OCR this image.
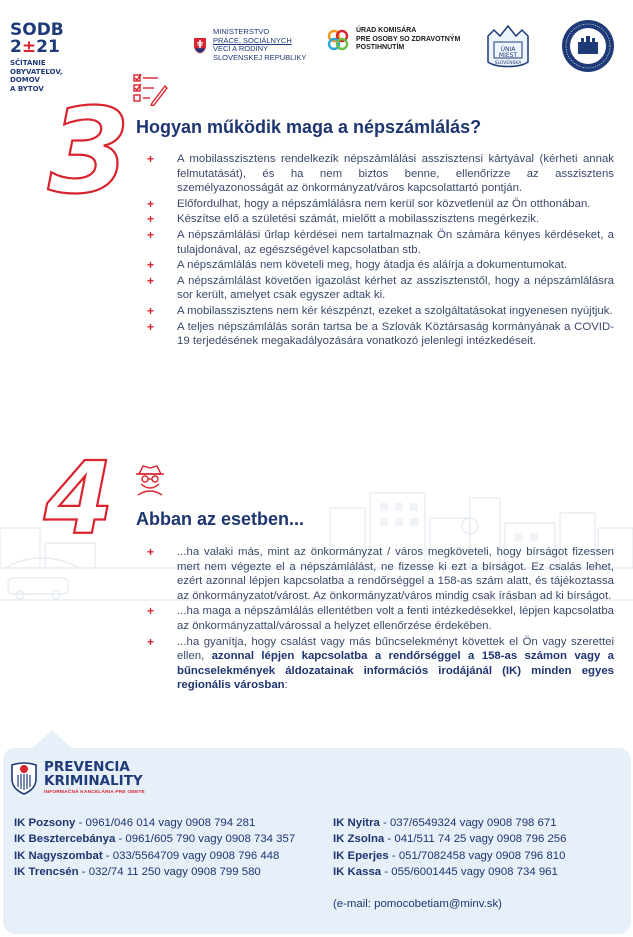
SODB
2±21
SČÍTANIE
OBYVATEĽOV,
DOMOV
A BYTOV
MINISTERSTVO
PRÁCE, SOCIÁLNYCH
VECÍ A RODINY
SLOVENSKEJ REPUBLIKY
ÚRAD KOMISÁRA
PRE OSOBY SO ZDRAVOTNÝM
POSTIHNUTÍM	ÚNIA
MIEST
SLOVENSKA
3 Hogyan működik maga a népszámlálás?
+ A mobilasszisztens rendelkezik népszámlálási asszisztensi kártyával (kérheti annak felmutatását), és ha nem biztos benne, ellenőrizze az asszisztens személyazonosságát az önkormányzat/város kapcsolattartó pontján.
+ Előfordulhat, hogy a népszámlálásra nem kerül sor közvetlenül az Ön otthonában.
+ Készítse elő a születési számát, mielőtt a mobilasszisztens megérkezik.
+ A népszámlálási űrlap kérdései nem tartalmaznak Ön számára kényes kérdéseket, a tulajdonával, az egészségével kapcsolatban stb.
+ A népszámlálás nem követeli meg, hogy átadja és aláírja a dokumentumokat.
+ A népszámlálást követően igazolást kérhet az asszisztenstől, hogy a népszámlálásra sor került, amelyet csak egyszer adtak ki.
+ A mobilasszisztens nem kér készpénzt, ezeket a szolgáltatásokat ingyenesen nyújtjuk.
+ A teljes népszámlálás során tartsa be a Szlovák Köztársaság kormányának a COVID-19 terjedésének megakadályozására vonatkozó jelenlegi intézkedéseit.
4 Abban az esetben...
+ ...ha valaki más, mint az önkormányzat / város megköveteli, hogy bírságot fizessen mert nem végezte el a népszámlálást, ne fizesse ki ezt a bírságot. Ez csalás lehet, ezért azonnal lépjen kapcsolatba a rendőrséggel a 158-as szám alatt, és tájékoztassa az önkormányzatot/várost. Az önkormányzat/város mindig csak írásban ad ki bírságot.
+ ...ha maga a népszámlálás ellentétben volt a fenti intézkedésekkel, lépjen kapcsolatba az önkormányzattal/várossal a helyzet ellenőrzése érdekében.
+ ...ha gyanítja, hogy csalást vagy más bűncselekményt követtek el Ön vagy szerettei ellen, azonnal lépjen kapcsolatba a rendőrséggel a 158-as számon vagy a bűncselekmények áldozatainak információs irodájánál (IK) minden egyes regionális városban:
PREVENCIA
KRIMINALITY
INFORMAČNÁ KANCELÁRIA PRE OBETE
IK Pozsony - 0961/046 014 vagy 0908 794 281
IK Besztercebánya - 0961/605 790 vagy 0908 734 357
IK Nagyszombat - 033/5564709 vagy 0908 796 448
IK Trencsén - 032/74 11 250 vagy 0908 799 580
IK Nyitra - 037/6549324 vagy 0908 798 671
IK Zsolna - 041/511 74 25 vagy 0908 796 256
IK Eperjes - 051/7082458 vagy 0908 796 810
IK Kassa - 055/6001445 vagy 0908 734 961
(e-mail: pomocobetiam@minv.sk)
